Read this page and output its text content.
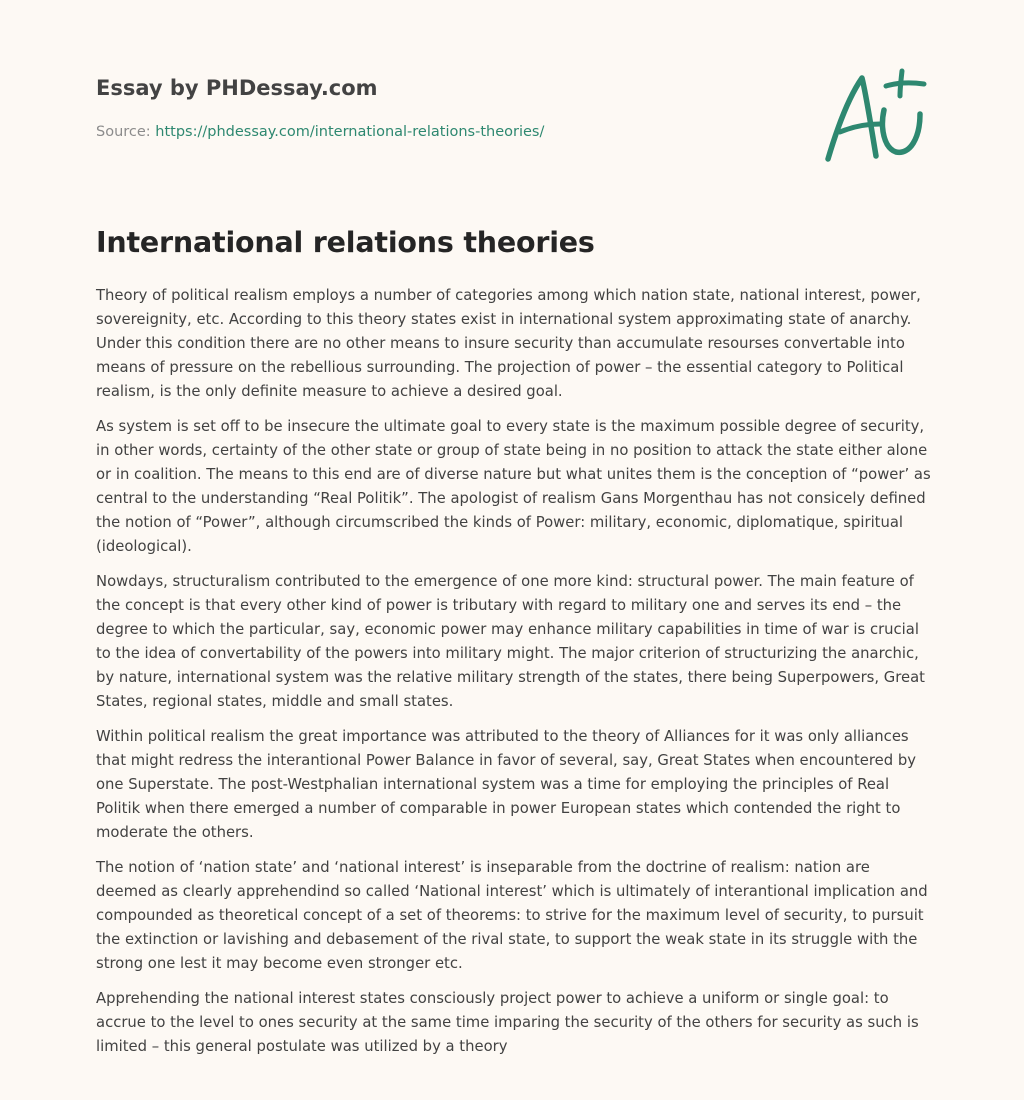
Essay by PHDessay.com
Source: https://phdessay.com/international-relations-theories/
International relations theories

Theory of political realism employs a number of categories among which nation state, national interest, power, sovereignity, etc. According to this theory states exist in international system approximating state of anarchy. Under this condition there are no other means to insure security than accumulate resourses convertable into means of pressure on the rebellious surrounding. The projection of power – the essential category to Political realism, is the only definite measure to achieve a desired goal.

As system is set off to be insecure the ultimate goal to every state is the maximum possible degree of security, in other words, certainty of the other state or group of state being in no position to attack the state either alone or in coalition. The means to this end are of diverse nature but what unites them is the conception of “power’ as central to the understanding “Real Politik”. The apologist of realism Gans Morgenthau has not consicely defined the notion of “Power”, although circumscribed the kinds of Power: military, economic, diplomatique, spiritual (ideological).

Nowdays, structuralism contributed to the emergence of one more kind: structural power. The main feature of the concept is that every other kind of power is tributary with regard to military one and serves its end – the degree to which the particular, say, economic power may enhance military capabilities in time of war is crucial to the idea of convertability of the powers into military might. The major criterion of structurizing the anarchic, by nature, international system was the relative military strength of the states, there being Superpowers, Great States, regional states, middle and small states.

Within political realism the great importance was attributed to the theory of Alliances for it was only alliances that might redress the interantional Power Balance in favor of several, say, Great States when encountered by one Superstate. The post-Westphalian international system was a time for employing the principles of Real Politik when there emerged a number of comparable in power European states which contended the right to moderate the others.

The notion of ‘nation state’ and ‘national interest’ is inseparable from the doctrine of realism: nation are deemed as clearly apprehendind so called ‘National interest’ which is ultimately of interantional implication and compounded as theoretical concept of a set of theorems: to strive for the maximum level of security, to pursuit the extinction or lavishing and debasement of the rival state, to support the weak state in its struggle with the strong one lest it may become even stronger etc.

Apprehending the national interest states consciously project power to achieve a uniform or single goal: to accrue to the level to ones security at the same time imparing the security of the others for security as such is limited – this general postulate was utilized by a theory
